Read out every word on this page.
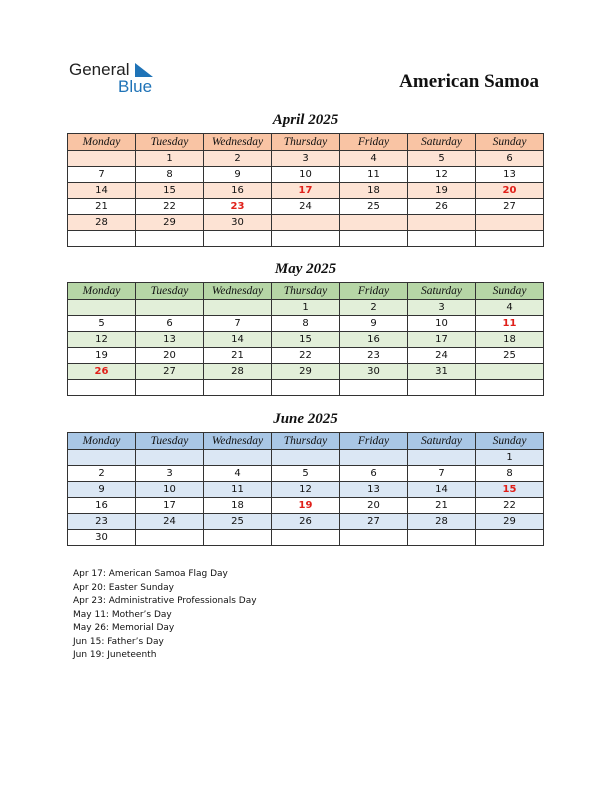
General
Blue	American Samoa
April 2025
Monday	Tuesday	Wednesday	Thursday	Friday	Saturday	Sunday
	1	2	3	4	5	6
7	8	9	10	11	12	13
14	15	16	17	18	19	20
21	22	23	24	25	26	27
28	29	30				

May 2025
Monday	Tuesday	Wednesday	Thursday	Friday	Saturday	Sunday
			1	2	3	4
5	6	7	8	9	10	11
12	13	14	15	16	17	18
19	20	21	22	23	24	25
26	27	28	29	30	31	

June 2025
Monday	Tuesday	Wednesday	Thursday	Friday	Saturday	Sunday
						1
2	3	4	5	6	7	8
9	10	11	12	13	14	15
16	17	18	19	20	21	22
23	24	25	26	27	28	29
30						
Apr 17: American Samoa Flag Day
Apr 20: Easter Sunday
Apr 23: Administrative Professionals Day
May 11: Mother’s Day
May 26: Memorial Day
Jun 15: Father’s Day
Jun 19: Juneteenth
